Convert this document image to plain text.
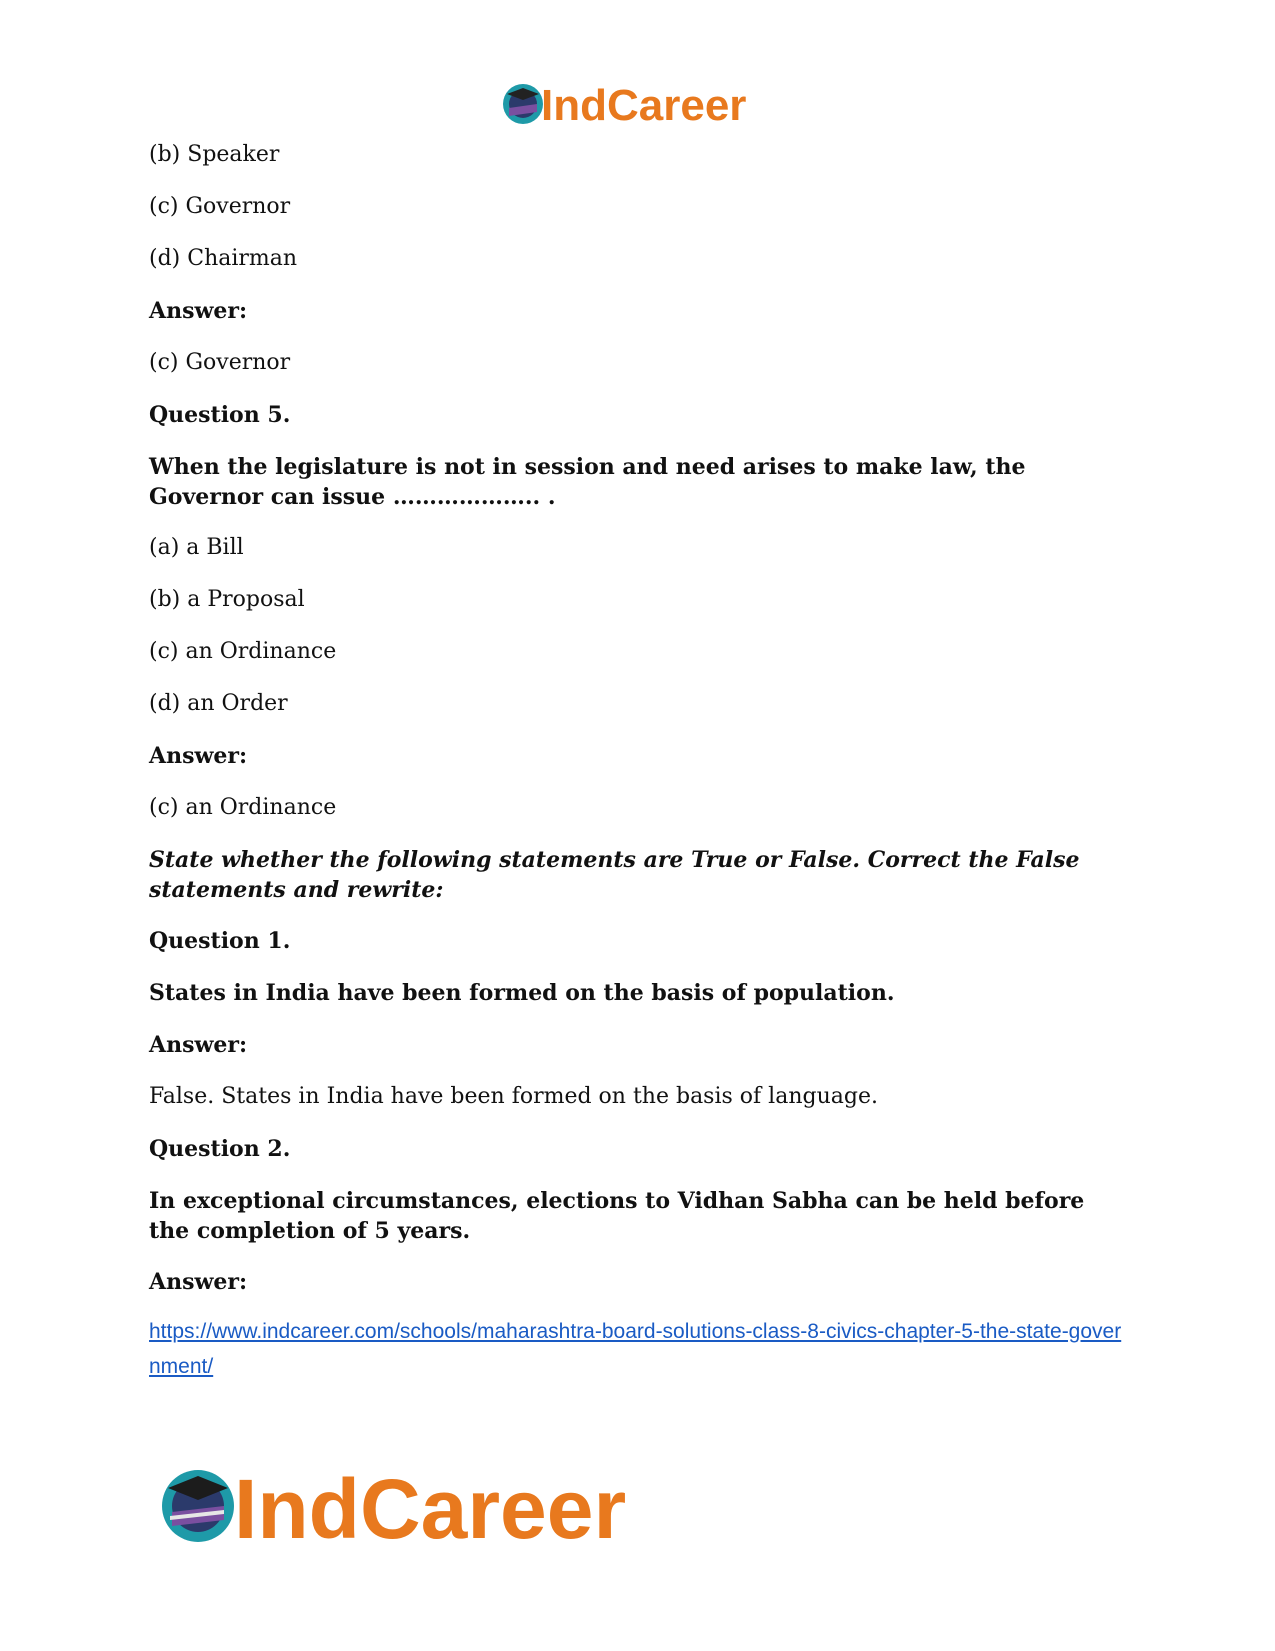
IndCareer

(b) Speaker

(c) Governor

(d) Chairman

Answer:

(c) Governor

Question 5.

When the legislature is not in session and need arises to make law, the Governor can issue ……………….. .

(a) a Bill

(b) a Proposal

(c) an Ordinance

(d) an Order

Answer:

(c) an Ordinance

State whether the following statements are True or False. Correct the False statements and rewrite:

Question 1.

States in India have been formed on the basis of population.

Answer:

False. States in India have been formed on the basis of language.

Question 2.

In exceptional circumstances, elections to Vidhan Sabha can be held before the completion of 5 years.

Answer:

https://www.indcareer.com/schools/maharashtra-board-solutions-class-8-civics-chapter-5-the-state-government/
IndCareer
